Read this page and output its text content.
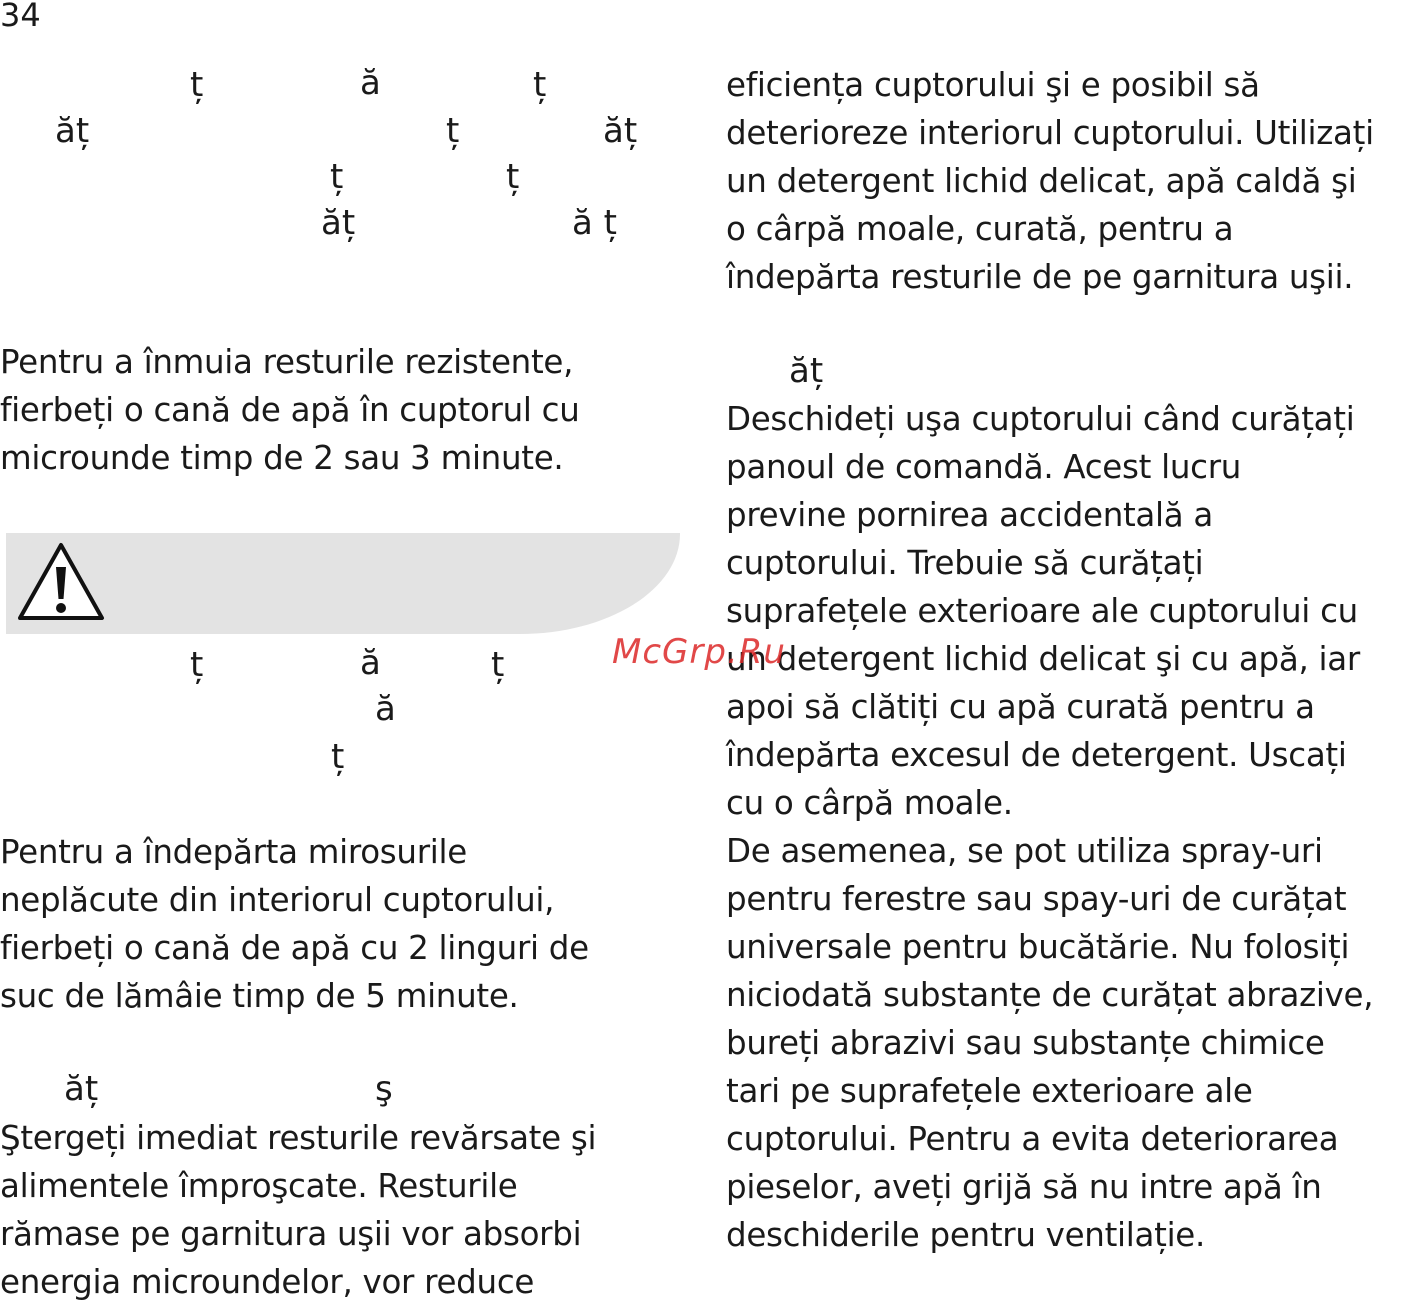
34
ț	ă	ț
ăț	ț	ăț
ț	ț
ăț	ă ț
Pentru a înmuia resturile rezistente,
fierbeți o cană de apă în cuptorul cu
microunde timp de 2 sau 3 minute.
ț	ă	ț
ă
ț
Pentru a îndepărta mirosurile
neplăcute din interiorul cuptorului,
fierbeți o cană de apă cu 2 linguri de
suc de lămâie timp de 5 minute.
ăț	ş
Ştergeți imediat resturile revărsate şi
alimentele împroşcate. Resturile
rămase pe garnitura uşii vor absorbi
energia microundelor, vor reduce
eficiența cuptorului şi e posibil să
deterioreze interiorul cuptorului. Utilizați
un detergent lichid delicat, apă caldă şi
o cârpă moale, curată, pentru a
îndepărta resturile de pe garnitura uşii.
ăț
Deschideți uşa cuptorului când curățați
panoul de comandă. Acest lucru
previne pornirea accidentală a
cuptorului. Trebuie să curățați
suprafețele exterioare ale cuptorului cu
un detergent lichid delicat şi cu apă, iar
apoi să clătiți cu apă curată pentru a
îndepărta excesul de detergent. Uscați
cu o cârpă moale.
De asemenea, se pot utiliza spray-uri
pentru ferestre sau spay-uri de curățat
universale pentru bucătărie. Nu folosiți
niciodată substanțe de curățat abrazive,
bureți abrazivi sau substanțe chimice
tari pe suprafețele exterioare ale
cuptorului. Pentru a evita deteriorarea
pieselor, aveți grijă să nu intre apă în
deschiderile pentru ventilație.
McGrp.Ru
